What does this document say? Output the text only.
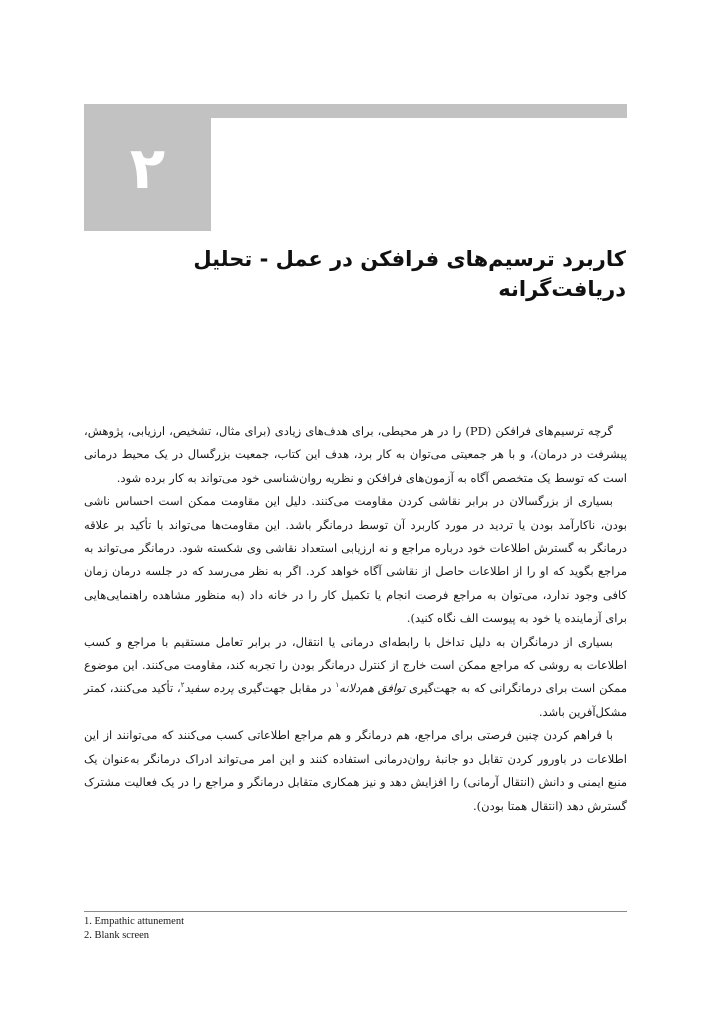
۲
کاربرد ترسیم‌های فرافکن در عمل - تحلیل دریافت‌گرانه

گرچه ترسیم‌های فرافکن (PD) را در هر محیطی، برای هدف‌های زیادی (برای مثال، تشخیص، ارزیابی، پژوهش، پیشرفت در درمان)، و با هر جمعیتی می‌توان به کار برد، هدف این کتاب، جمعیت بزرگسال در یک محیط درمانی است که توسط یک متخصص آگاه به آزمون‌های فرافکن و نظریه روان‌شناسی خود می‌تواند به کار برده شود.

بسیاری از بزرگسالان در برابر نقاشی کردن مقاومت می‌کنند. دلیل این مقاومت ممکن است احساس ناشی بودن، ناکارآمد بودن یا تردید در مورد کاربرد آن توسط درمانگر باشد. این مقاومت‌ها می‌تواند با تأکید بر علاقه درمانگر به گسترش اطلاعات خود درباره مراجع و نه ارزیابی استعداد نقاشی وی شکسته شود. درمانگر می‌تواند به مراجع بگوید که او را از اطلاعات حاصل از نقاشی آگاه خواهد کرد. اگر به نظر می‌رسد که در جلسه درمان زمان کافی وجود ندارد، می‌توان به مراجع فرصت انجام یا تکمیل کار را در خانه داد (به منظور مشاهده راهنمایی‌هایی برای آزماینده یا خود به پیوست الف نگاه کنید).

بسیاری از درمانگران به دلیل تداخل با رابطه‌ای درمانی یا انتقال، در برابر تعامل مستقیم با مراجع و کسب اطلاعات به روشی که مراجع ممکن است خارج از کنترل درمانگر بودن را تجربه کند، مقاومت می‌کنند. این موضوع ممکن است برای درمانگرانی که به جهت‌گیری توافق هم‌دلانه$^۱$ در مقابل جهت‌گیری پرده سفید$^۲$، تأکید می‌کنند، کمتر مشکل‌آفرین باشد.

با فراهم کردن چنین فرصتی برای مراجع، هم درمانگر و هم مراجع اطلاعاتی کسب می‌کنند که می‌توانند از این اطلاعات در باورور کردن تقابل دو جانبهٔ روان‌درمانی استفاده کنند و این امر می‌تواند ادراک درمانگر به‌عنوان یک منبع ایمنی و دانش (انتقال آرمانی) را افزایش دهد و نیز همکاری متقابل درمانگر و مراجع را در یک فعالیت مشترک گسترش دهد (انتقال همتا بودن).

1. Empathic attunement

2. Blank screen
